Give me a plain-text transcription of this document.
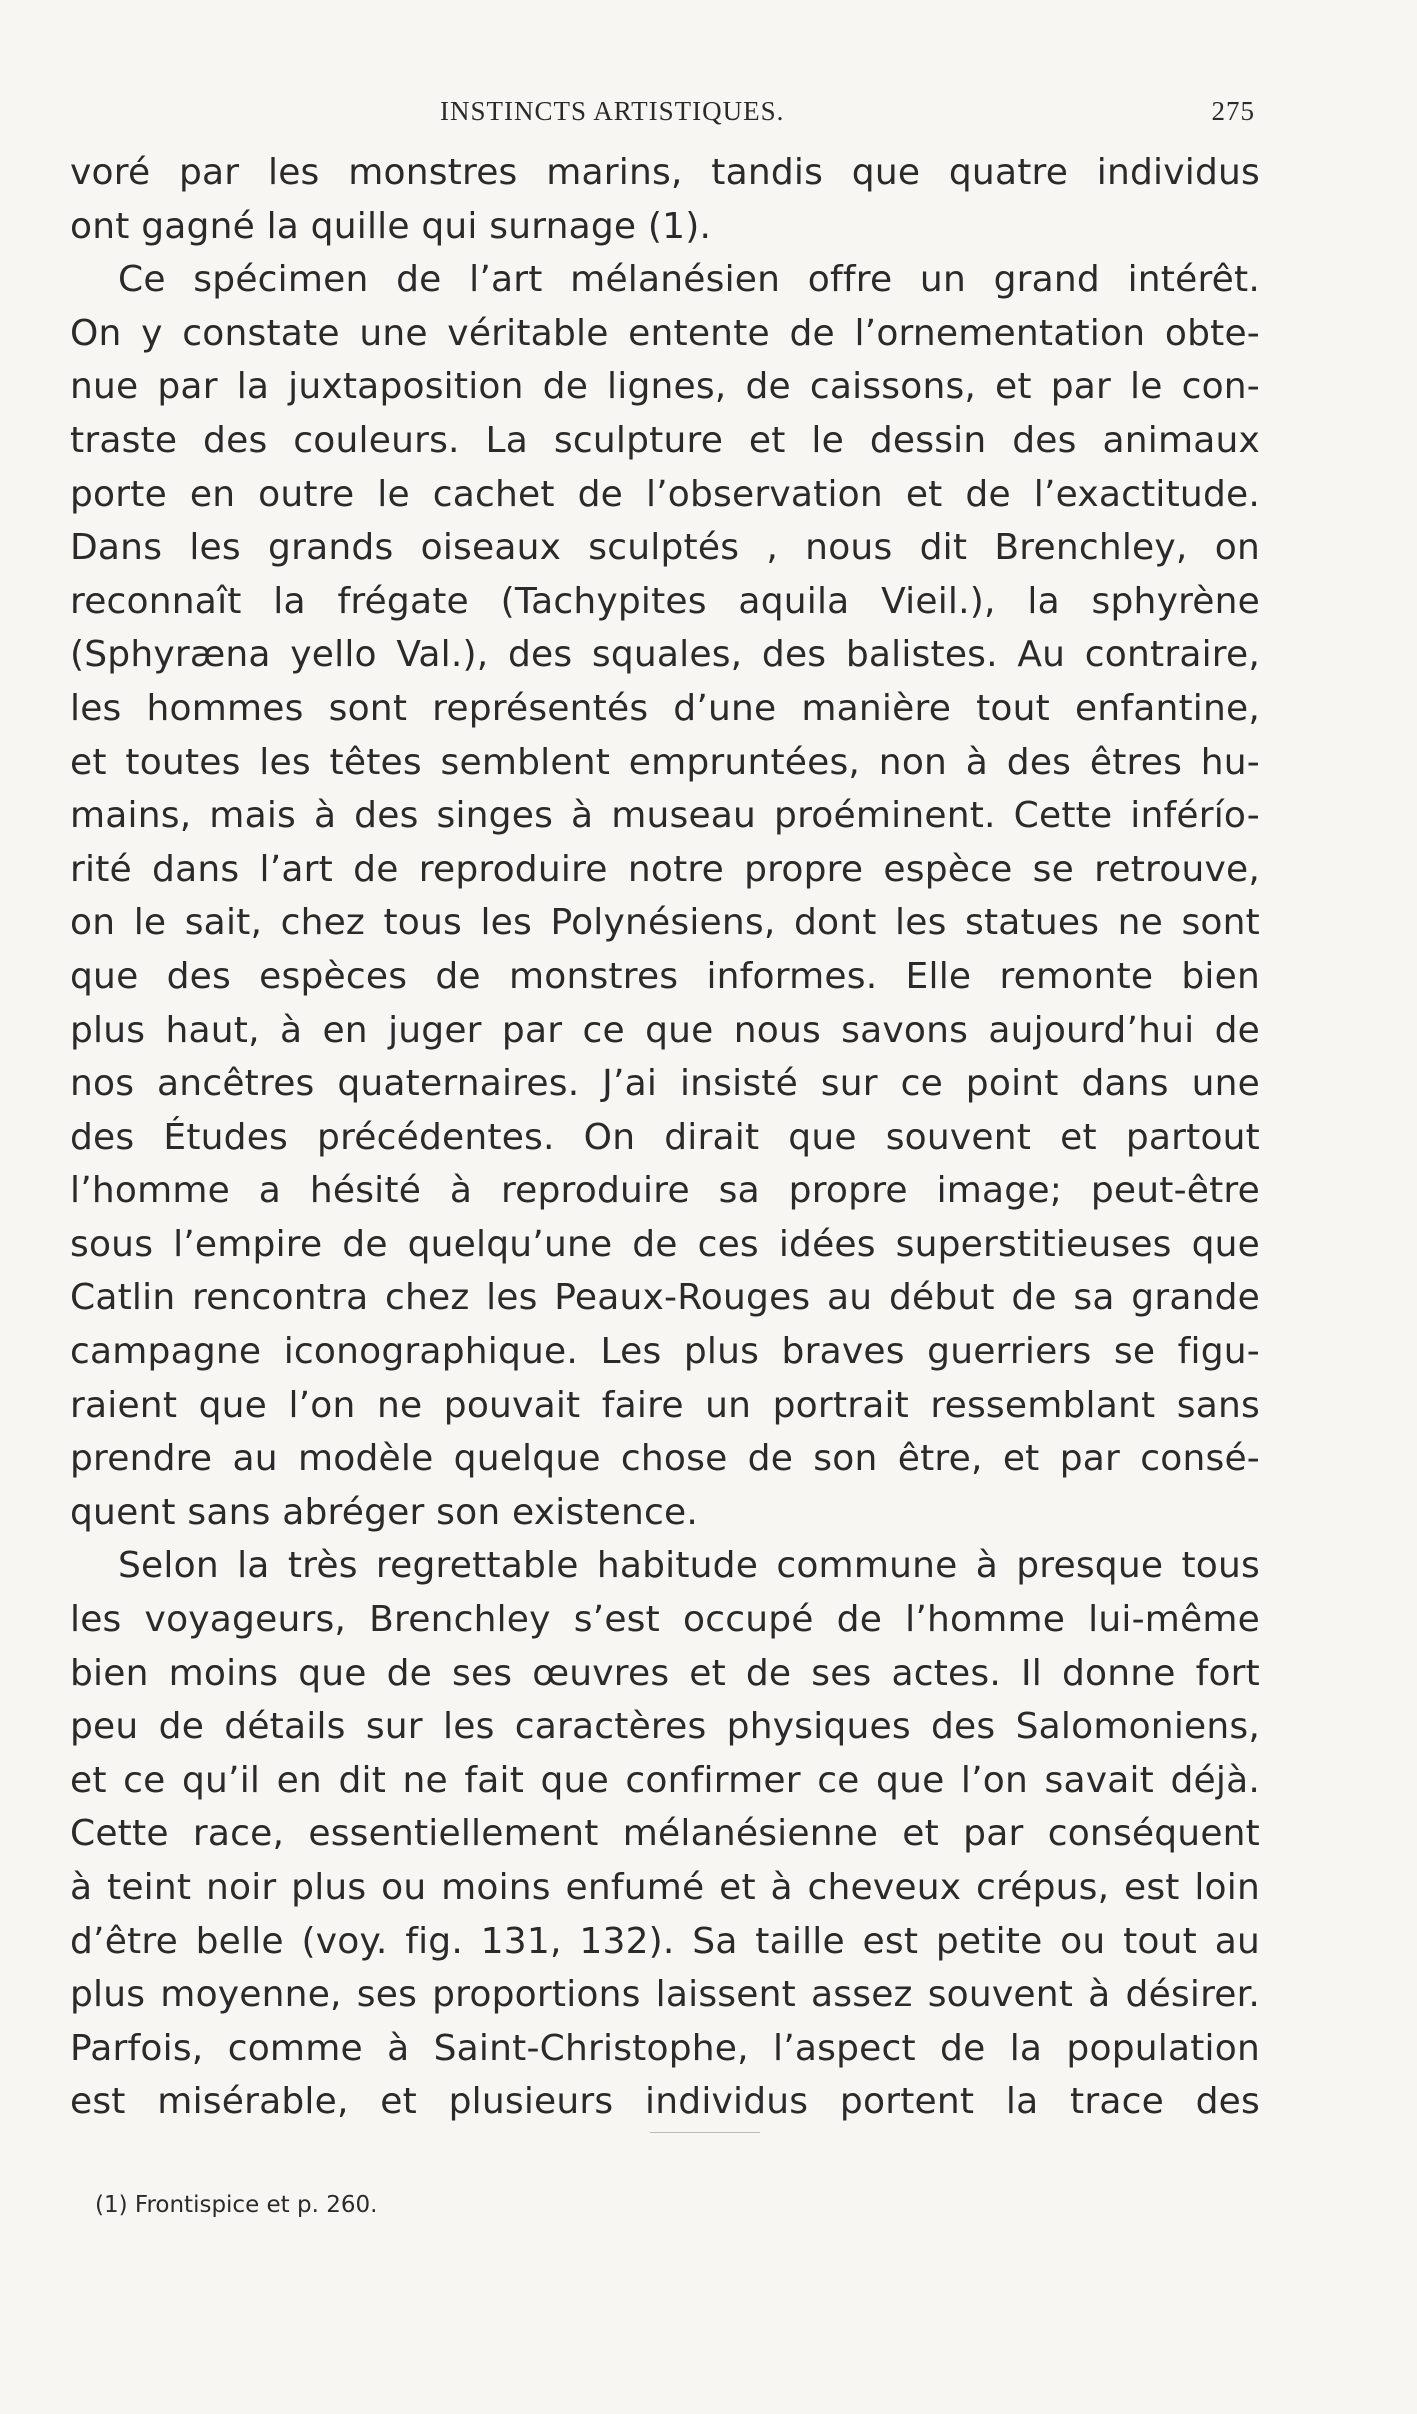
INSTINCTS ARTISTIQUES.	275
voré par les monstres marins, tandis que quatre individus
ont gagné la quille qui surnage (1).
Ce spécimen de l’art mélanésien offre un grand intérêt.
On y constate une véritable entente de l’ornementation obte-
nue par la juxtaposition de lignes, de caissons, et par le con-
traste des couleurs. La sculpture et le dessin des animaux
porte en outre le cachet de l’observation et de l’exactitude.
Dans les grands oiseaux sculptés , nous dit Brenchley, on
reconnaît la frégate (Tachypites aquila Vieil.), la sphyrène
(Sphyræna yello Val.), des squales, des balistes. Au contraire,
les hommes sont représentés d’une manière tout enfantine,
et toutes les têtes semblent empruntées, non à des êtres hu-
mains, mais à des singes à museau proéminent. Cette inférío-
rité dans l’art de reproduire notre propre espèce se retrouve,
on le sait, chez tous les Polynésiens, dont les statues ne sont
que des espèces de monstres informes. Elle remonte bien
plus haut, à en juger par ce que nous savons aujourd’hui de
nos ancêtres quaternaires. J’ai insisté sur ce point dans une
des Études précédentes. On dirait que souvent et partout
l’homme a hésité à reproduire sa propre image; peut-être
sous l’empire de quelqu’une de ces idées superstitieuses que
Catlin rencontra chez les Peaux-Rouges au début de sa grande
campagne iconographique. Les plus braves guerriers se figu-
raient que l’on ne pouvait faire un portrait ressemblant sans
prendre au modèle quelque chose de son être, et par consé-
quent sans abréger son existence.
Selon la très regrettable habitude commune à presque tous
les voyageurs, Brenchley s’est occupé de l’homme lui-même
bien moins que de ses œuvres et de ses actes. Il donne fort
peu de détails sur les caractères physiques des Salomoniens,
et ce qu’il en dit ne fait que confirmer ce que l’on savait déjà.
Cette race, essentiellement mélanésienne et par conséquent
à teint noir plus ou moins enfumé et à cheveux crépus, est loin
d’être belle (voy. fig. 131, 132). Sa taille est petite ou tout au
plus moyenne, ses proportions laissent assez souvent à désirer.
Parfois, comme à Saint-Christophe, l’aspect de la population
est misérable, et plusieurs individus portent la trace des
(1) Frontispice et p. 260.
